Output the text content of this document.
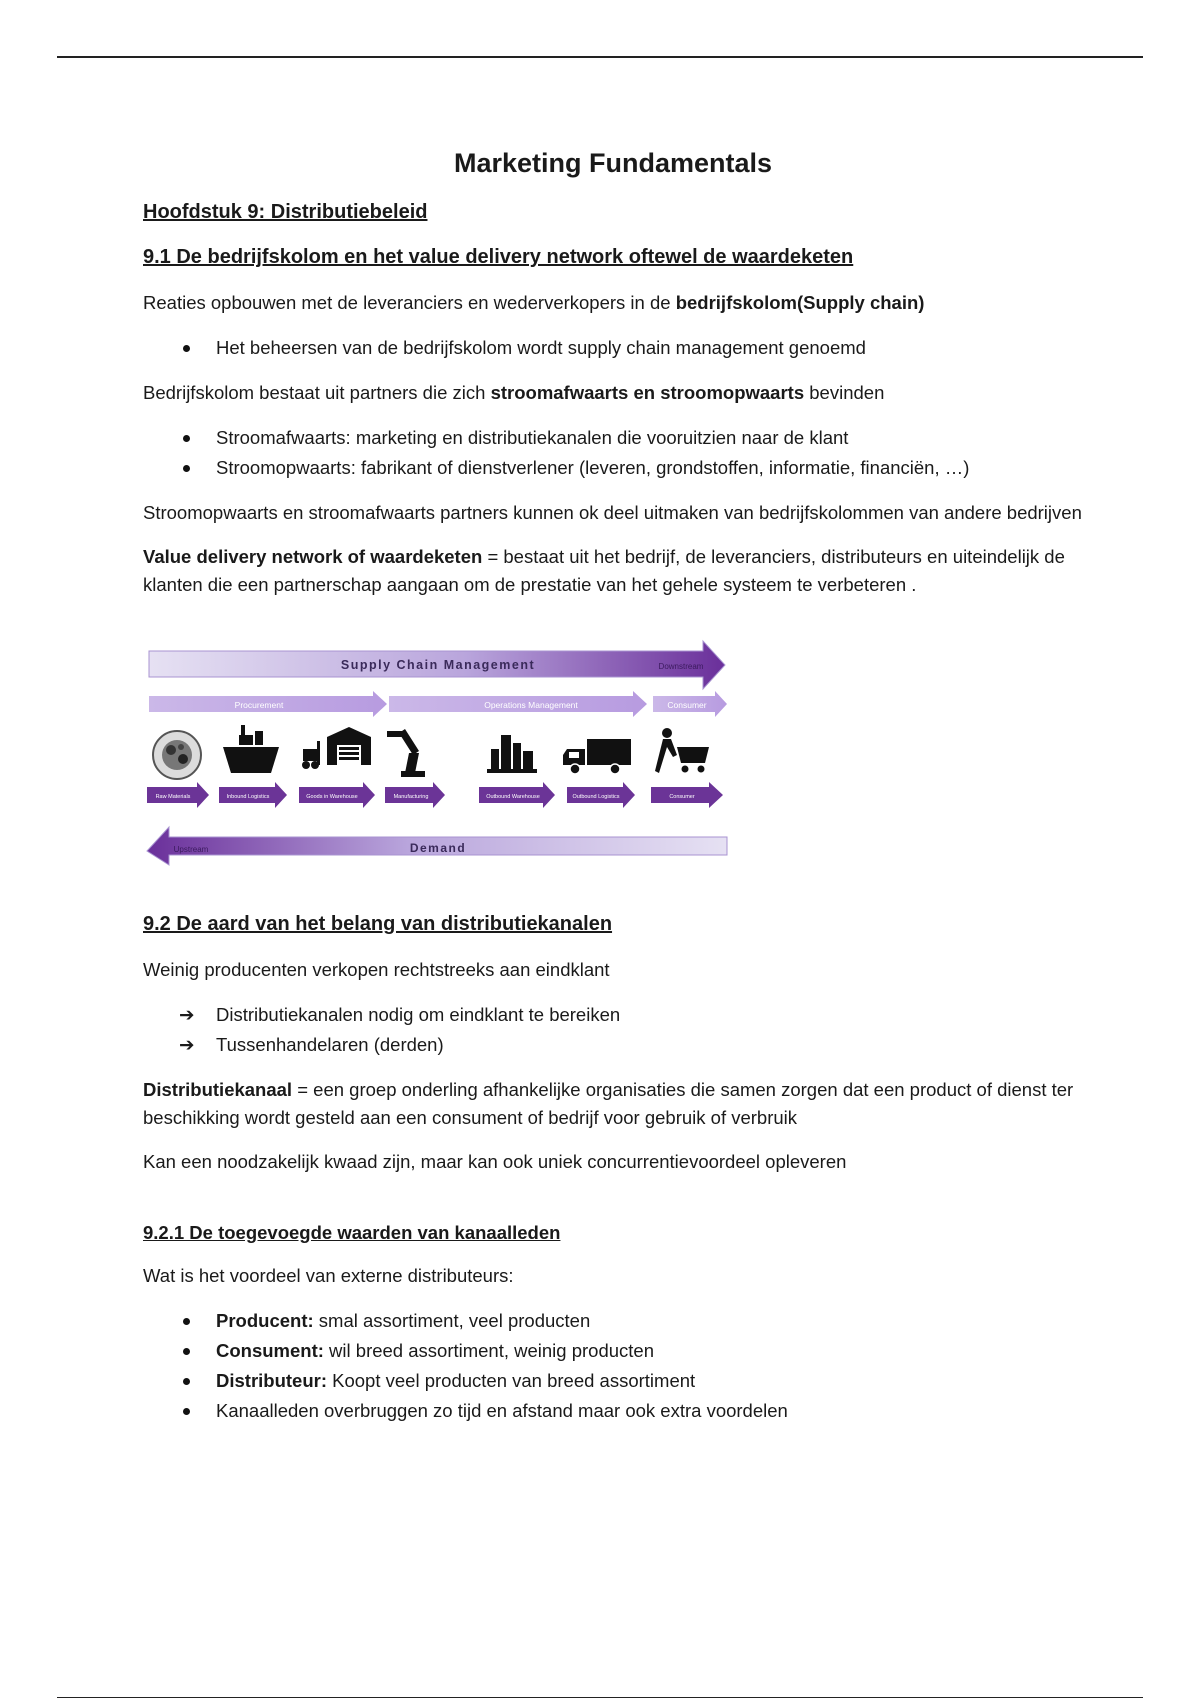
Marketing Fundamentals
Hoofdstuk 9: Distributiebeleid
9.1 De bedrijfskolom en het value delivery network oftewel de waardeketen

Reaties opbouwen met de leveranciers en wederverkopers in de bedrijfskolom(Supply chain)

Het beheersen van de bedrijfskolom wordt supply chain management genoemd

Bedrijfskolom bestaat uit partners die zich stroomafwaarts en stroomopwaarts bevinden

Stroomafwaarts: marketing en distributiekanalen die vooruitzien naar de klant
Stroomopwaarts: fabrikant of dienstverlener (leveren, grondstoffen, informatie, financiën, …)

Stroomopwaarts en stroomafwaarts partners kunnen ok deel uitmaken van bedrijfskolommen van andere bedrijven

Value delivery network of waardeketen = bestaat uit het bedrijf, de leveranciers, distributeurs en uiteindelijk de klanten die een partnerschap aangaan om de prestatie van het gehele systeem te verbeteren .

Supply Chain Management	Downstream
Procurement	Operations Management	Consumer
Raw Materials	Inbound Logistics	Goods in Warehouse	Manufacturing	Outbound Warehouse	Outbound Logistics	Consumer
Upstream	Demand
9.2 De aard van het belang van distributiekanalen

Weinig producenten verkopen rechtstreeks aan eindklant

➔ Distributiekanalen nodig om eindklant te bereiken
➔ Tussenhandelaren (derden)

Distributiekanaal = een groep onderling afhankelijke organisaties die samen zorgen dat een product of dienst ter beschikking wordt gesteld aan een consument of bedrijf voor gebruik of verbruik

Kan een noodzakelijk kwaad zijn, maar kan ook uniek concurrentievoordeel opleveren

9.2.1 De toegevoegde waarden van kanaalleden

Wat is het voordeel van externe distributeurs:

Producent: smal assortiment, veel producten
Consument: wil breed assortiment, weinig producten
Distributeur: Koopt veel producten van breed assortiment
Kanaalleden overbruggen zo tijd en afstand maar ook extra voordelen
